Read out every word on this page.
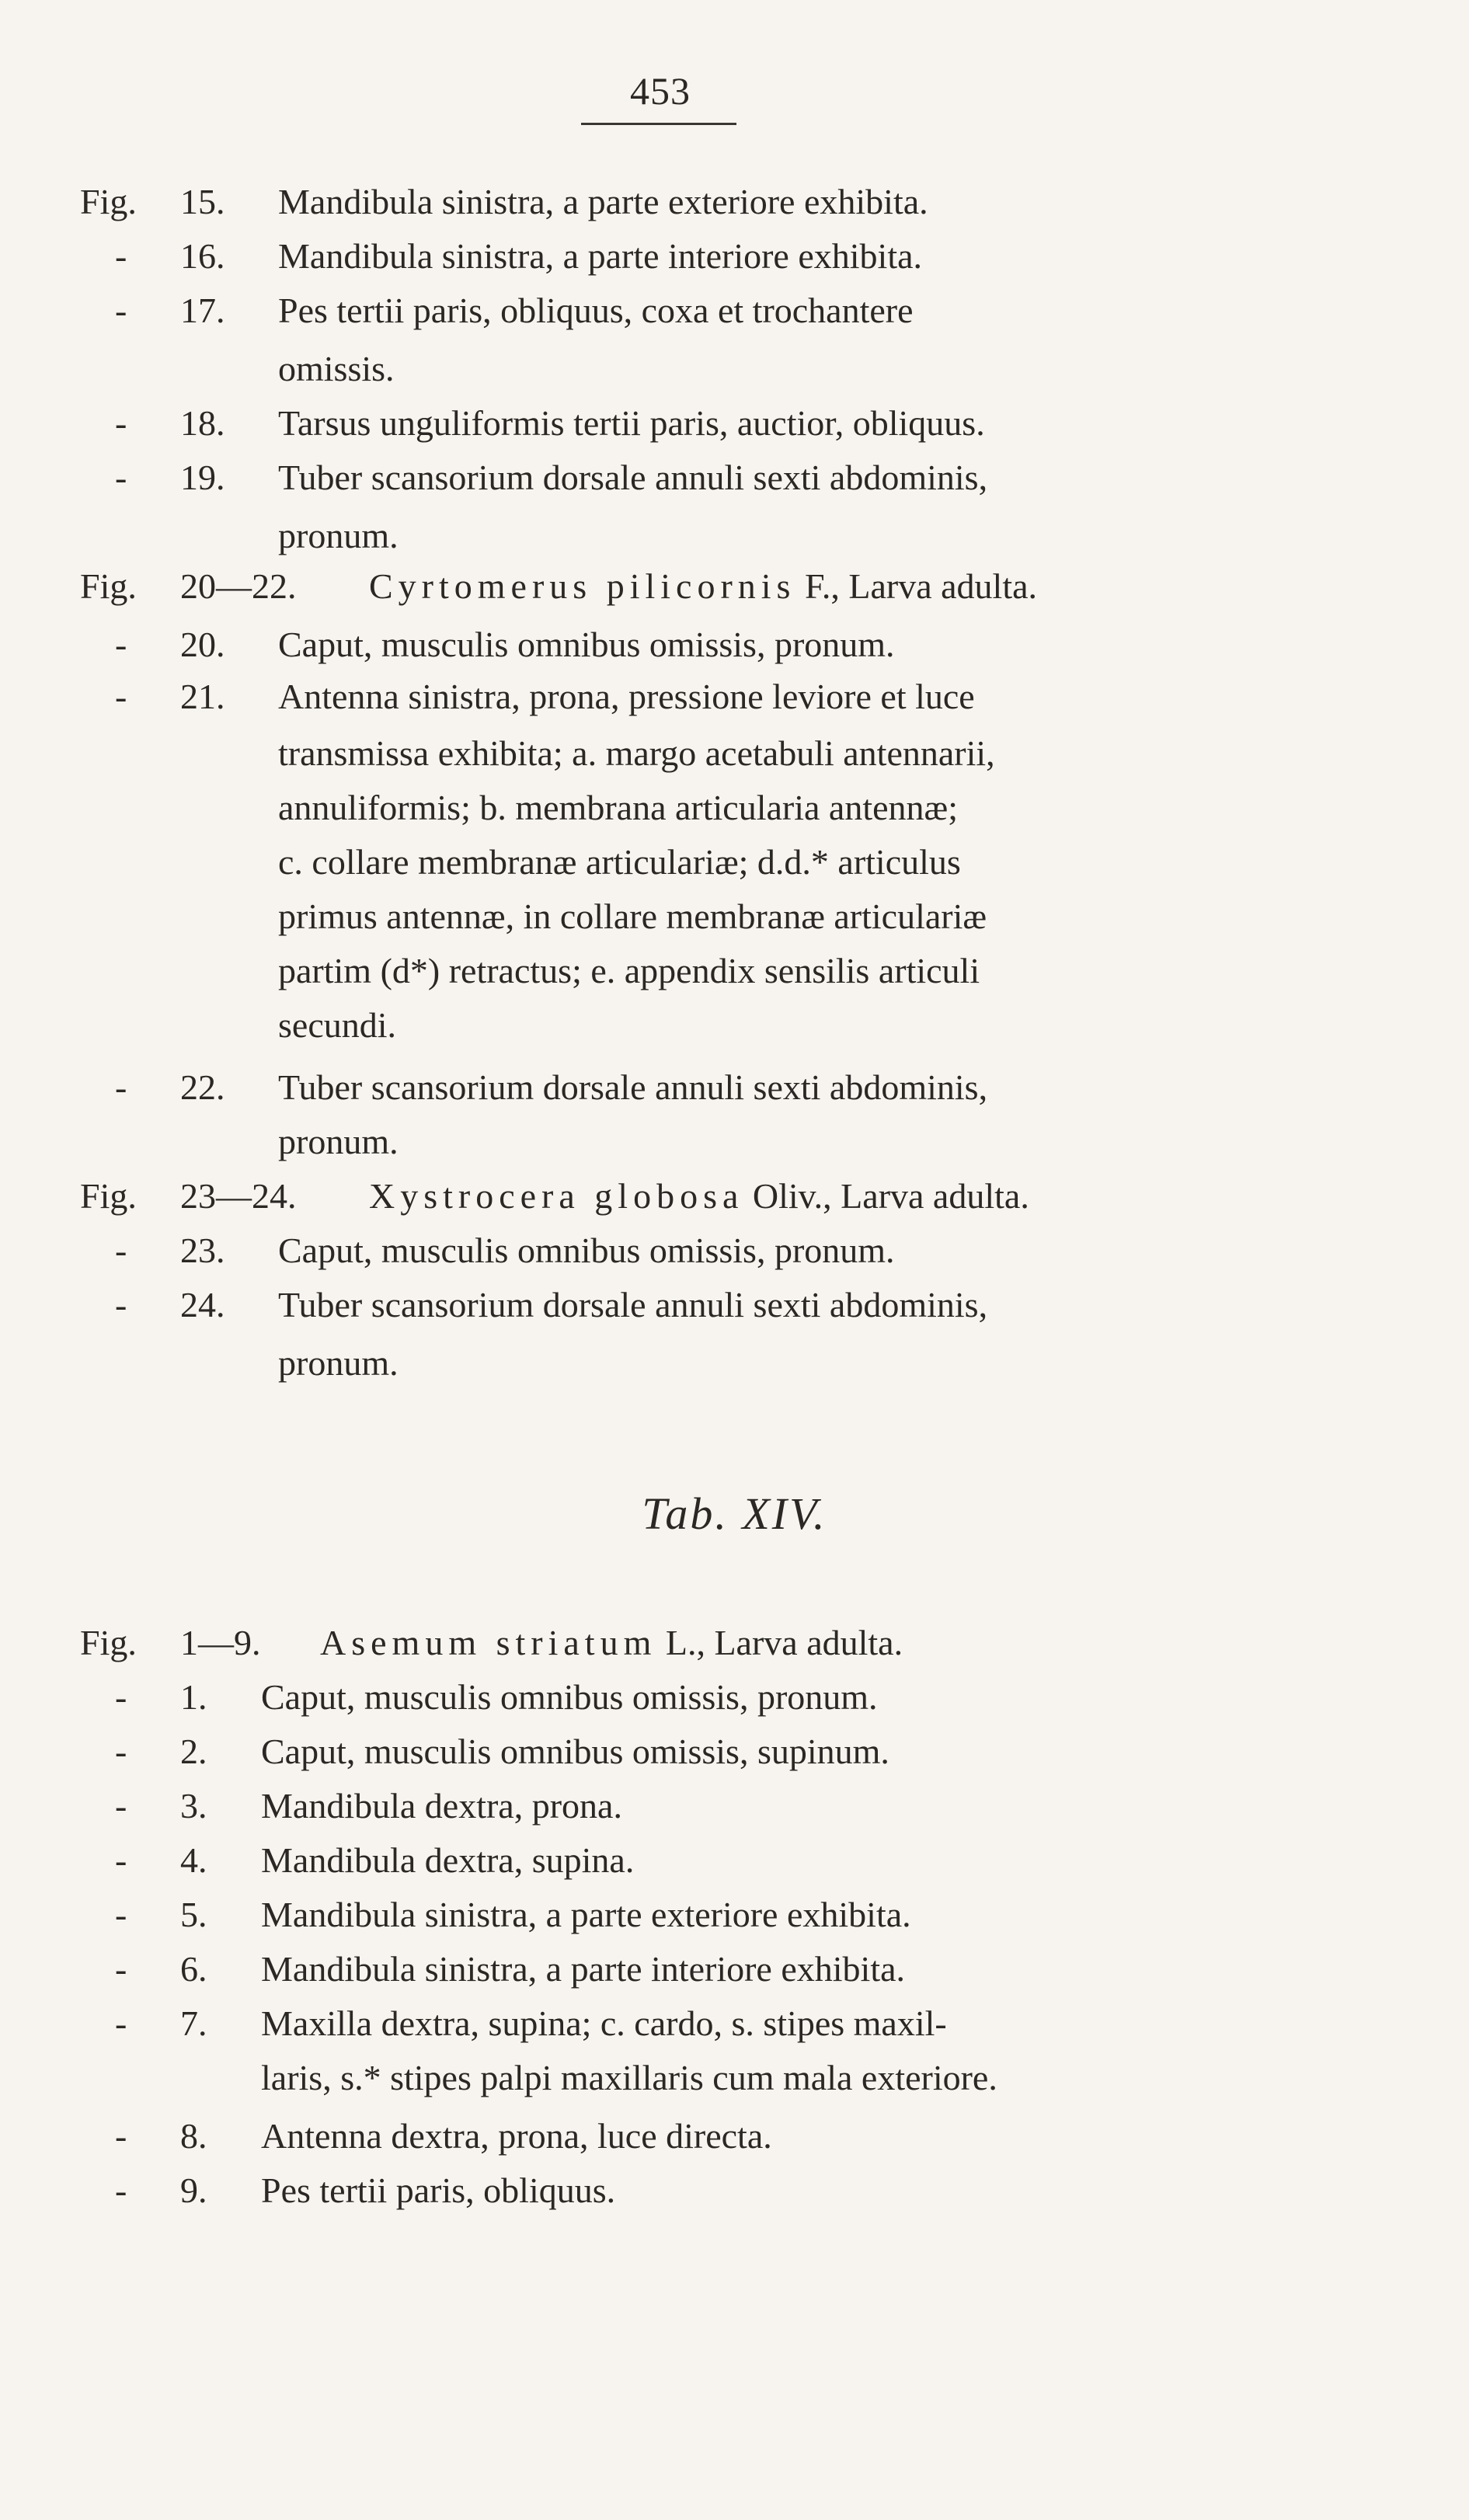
453
Fig. 15. Mandibula sinistra, a parte exteriore exhibita.
- 16. Mandibula sinistra, a parte interiore exhibita.
- 17. Pes tertii paris, obliquus, coxa et trochantere
omissis.
- 18. Tarsus unguliformis tertii paris, auctior, obliquus.
- 19. Tuber scansorium dorsale annuli sexti abdominis,
pronum.
Fig. 20—22. Cyrtomerus pilicornis F., Larva adulta.
- 20. Caput, musculis omnibus omissis, pronum.
- 21. Antenna sinistra, prona, pressione leviore et luce
transmissa exhibita; a. margo acetabuli antennarii,
annuliformis; b. membrana articularia antennæ;
c. collare membranæ articulariæ; d.d.* articulus
primus antennæ, in collare membranæ articulariæ
partim (d*) retractus; e. appendix sensilis articuli
secundi.
- 22. Tuber scansorium dorsale annuli sexti abdominis,
pronum.
Fig. 23—24. Xystrocera globosa Oliv., Larva adulta.
- 23. Caput, musculis omnibus omissis, pronum.
- 24. Tuber scansorium dorsale annuli sexti abdominis,
pronum.
Tab. XIV.
Fig. 1—9. Asemum striatum L., Larva adulta.
- 1. Caput, musculis omnibus omissis, pronum.
- 2. Caput, musculis omnibus omissis, supinum.
- 3. Mandibula dextra, prona.
- 4. Mandibula dextra, supina.
- 5. Mandibula sinistra, a parte exteriore exhibita.
- 6. Mandibula sinistra, a parte interiore exhibita.
- 7. Maxilla dextra, supina; c. cardo, s. stipes maxil-
laris, s.* stipes palpi maxillaris cum mala exteriore.
- 8. Antenna dextra, prona, luce directa.
- 9. Pes tertii paris, obliquus.
